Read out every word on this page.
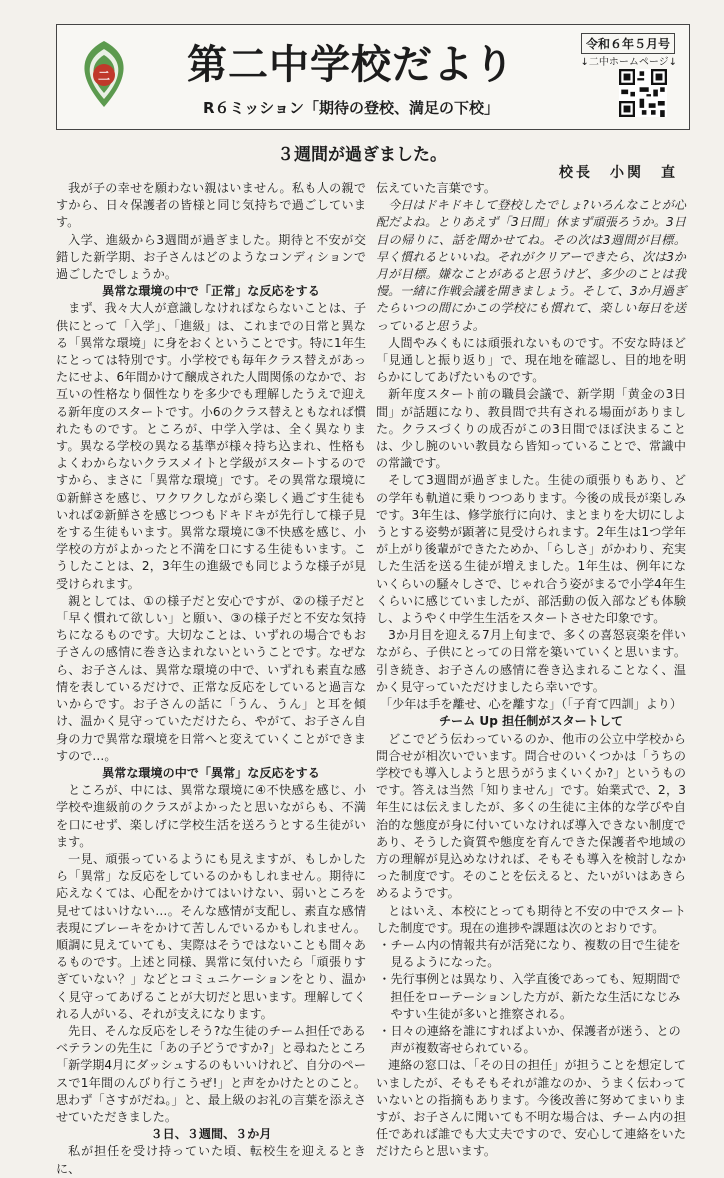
二 第二中学校だより
R６ミッション「期待の登校、満足の下校」
令和６年５月号
↓二中ホームページ↓
３週間が過ぎました。
校長　小関　直

我が子の幸せを願わない親はいません。私も人の親ですから、日々保護者の皆様と同じ気持ちで過ごしています。

入学、進級から3週間が過ぎました。期待と不安が交錯した新学期、お子さんはどのようなコンディションで過ごしたでしょうか。

異常な環境の中で「正常」な反応をする

まず、我々大人が意識しなければならないことは、子供にとって「入学」、「進級」は、これまでの日常と異なる「異常な環境」に身をおくということです。特に1年生にとっては特別です。小学校でも毎年クラス替えがあったにせよ、6年間かけて醸成された人間関係のなかで、お互いの性格なり個性なりを多少でも理解したうえで迎える新年度のスタートです。小6のクラス替えともなれば慣れたものです。ところが、中学入学は、全く異なります。異なる学校の異なる基準が様々持ち込まれ、性格もよくわからないクラスメイトと学級がスタートするのですから、まさに「異常な環境」です。その異常な環境に①新鮮さを感じ、ワクワクしながら楽しく過ごす生徒もいれば②新鮮さを感じつつもドキドキが先行して様子見をする生徒もいます。異常な環境に③不快感を感じ、小学校の方がよかったと不満を口にする生徒もいます。こうしたことは、2，3年生の進級でも同じような様子が見受けられます。

親としては、①の様子だと安心ですが、②の様子だと「早く慣れて欲しい」と願い、③の様子だと不安な気持ちになるものです。大切なことは、いずれの場合でもお子さんの感情に巻き込まれないということです。なぜなら、お子さんは、異常な環境の中で、いずれも素直な感情を表しているだけで、正常な反応をしていると過言ないからです。お子さんの話に「うん、うん」と耳を傾け、温かく見守っていただけたら、やがて、お子さん自身の力で異常な環境を日常へと変えていくことができますので…。

異常な環境の中で「異常」な反応をする

ところが、中には、異常な環境に④不快感を感じ、小学校や進級前のクラスがよかったと思いながらも、不満を口にせず、楽しげに学校生活を送ろうとする生徒がいます。

一見、頑張っているようにも見えますが、もしかしたら「異常」な反応をしているのかもしれません。期待に応えなくては、心配をかけてはいけない、弱いところを見せてはいけない…。そんな感情が支配し、素直な感情表現にブレーキをかけて苦しんでいるかもしれません。順調に見えていても、実際はそうではないことも間々あるものです。上述と同様、異常に気付いたら「頑張りすぎていない？」などとコミュニケーションをとり、温かく見守ってあげることが大切だと思います。理解してくれる人がいる、それが支えになります。

先日、そんな反応をしそう?な生徒のチーム担任であるベテランの先生に「あの子どうですか?」と尋ねたところ「新学期4月にダッシュするのもいいけれど、自分のペースで1年間のんびり行こうぜ!」と声をかけたとのこと。思わず「さすがだね。」と、最上級のお礼の言葉を添えさせていただきました。

３日、３週間、３か月

私が担任を受け持っていた頃、転校生を迎えるときに、

伝えていた言葉です。

今日はドキドキして登校したでしょ?いろんなことが心配だよね。とりあえず「3日間」休まず頑張ろうか。3日目の帰りに、話を聞かせてね。その次は3週間が目標。早く慣れるといいね。それがクリアーできたら、次は3か月が目標。嫌なことがあると思うけど、多少のことは我慢。一緒に作戦会議を開きましょう。そして、3か月過ぎたらいつの間にかこの学校にも慣れて、楽しい毎日を送っていると思うよ。

人間やみくもには頑張れないものです。不安な時ほど「見通しと振り返り」で、現在地を確認し、目的地を明らかにしてあげたいものです。

新年度スタート前の職員会議で、新学期「黄金の3日間」が話題になり、教員間で共有される場面がありました。クラスづくりの成否がこの3日間でほぼ決まることは、少し腕のいい教員なら皆知っていることで、常識中の常識です。

そして3週間が過ぎました。生徒の頑張りもあり、どの学年も軌道に乗りつつあります。今後の成長が楽しみです。3年生は、修学旅行に向け、まとまりを大切にしようとする姿勢が顕著に見受けられます。2年生は1つ学年が上がり後輩ができたためか、「らしさ」がかわり、充実した生活を送る生徒が増えました。1年生は、例年にないくらいの騒々しさで、じゃれ合う姿がまるで小学4年生くらいに感じていましたが、部活動の仮入部なども体験し、ようやく中学生生活をスタートさせた印象です。

3か月目を迎える7月上旬まで、多くの喜怒哀楽を伴いながら、子供にとっての日常を築いていくと思います。引き続き、お子さんの感情に巻き込まれることなく、温かく見守っていただけましたら幸いです。

「少年は手を離せ、心を離すな」（「子育て四訓」より）
チーム Up 担任制がスタートして

どこでどう伝わっているのか、他市の公立中学校から問合せが相次いでいます。問合せのいくつかは「うちの学校でも導入しようと思うがうまくいくか?」というものです。答えは当然「知りません」です。始業式で、2，3年生には伝えましたが、多くの生徒に主体的な学びや自治的な態度が身に付いていなければ導入できない制度であり、そうした資質や態度を育んできた保護者や地域の方の理解が見込めなければ、そもそも導入を検討しなかった制度です。そのことを伝えると、たいがいはあきらめるようです。

とはいえ、本校にとっても期待と不安の中でスタートした制度です。現在の進捗や課題は次のとおりです。

・チーム内の情報共有が活発になり、複数の目で生徒を見るようになった。
・先行事例とは異なり、入学直後であっても、短期間で担任をローテーションした方が、新たな生活になじみやすい生徒が多いと推察される。
・日々の連絡を誰にすればよいか、保護者が迷う、との声が複数寄せられている。

連絡の窓口は、「その日の担任」が担うことを想定していましたが、そもそもそれが誰なのか、うまく伝わっていないとの指摘もあります。今後改善に努めてまいりますが、お子さんに聞いても不明な場合は、チーム内の担任であれば誰でも大丈夫ですので、安心して連絡をいただけたらと思います。
